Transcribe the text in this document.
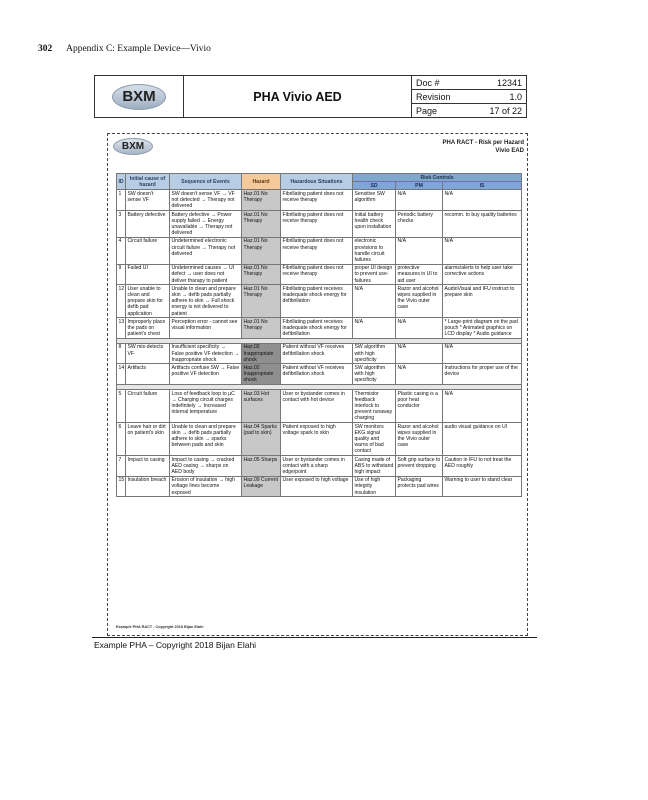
302 Appendix C: Example Device—Vivio
BXM	PHA Vivio AED
Doc #	12341
Revision	1.0
Page	17 of 22
BXM	PHA RACT - Risk per Hazard
Vivio EAD
ID	Initial cause of hazard	Sequence of Events	Hazard	Hazardous Situations	Risk Controls		
					SD	PM	IS
1	SW doesn't sense VF	SW doesn't sense VF → VF not detected → Therapy not delivered	Haz.01 No Therapy	Fibrillating patient does not receive therapy	Sensitive SW algorithm	N/A	N/A
3	Battery defective	Battery defective → Power supply failed → Energy unavailable → Therapy not delivered	Haz.01 No Therapy	Fibrillating patient does not receive therapy	Initial battery health check upon installation	Periodic battery checks	recomm. to buy quality batteries
4	Circuit failure	Undetermined electronic circuit failure → Therapy not delivered	Haz.01 No Therapy	Fibrillating patient does not receive therapy	electronic provisions to handle circuit failures	N/A	N/A
9	Failed UI	Undetermined causes → UI defect → user does not deliver tharapy to patient	Haz.01 No Therapy	Fibrillating patient does not receive therapy	proper UI design to prevent use-failures	protective measures in UI to aid user	alarms/alerts to help user take corrective actions
12	User unable to clean and prepare skin for defib pad application	Unable to clean and prepare skin → defib pads partially adhere to skin → Full shock energy is not delivered to patient	Haz.01 No Therapy	Fibrillating patient receives inadequate shock energy for defibrillation	N/A	Razor and alcohol wipes supplied in the Vivio outer case	AudioVisual and IFU instruct to prepare skin
13	Improperly place the pads on patient's chest	Perception error - cannot see visual information	Haz.01 No Therapy	Fibrillating patient receives inadequate shock energy for defibrillation	N/A	N/A	* Large-print diagram on the pad pouch * Animated graphics on LCD display * Audio guidance

8	SW mis-detects VF	Insufficient specificity → False positive VF detection → Inappropriate shock	Haz.02 Inappropriate shock	Patient without VF receives defibrillation shock	SW algorithm with high specificity	N/A	N/A
14	Artifacts	Artifacts confuse SW → False positive VF detection	Haz.02 Inappropriate shock	Patient without VF receives defibrillation shock	SW algorithm with high specificity	N/A	Instructions for proper use of the device

5	Circuit failure	Loss of feedback loop to µC → Charging circuit charges indefinitely → Increased internal temperature	Haz.03 Hot surfaces	User or bystander comes in contact with hot device	Thermistor feedback interlock to prevent runaway charging	Plastic casing is a poor heat conductor	N/A
6	Leave hair or dirt on patient's skin	Unable to clean and prepare skin → defib pads partially adhere to skin → sparks between pads and skin	Haz.04 Sparks (pad to skin)	Patient exposed to high voltage spark to skin	SW monitors EKG signal quality and warns of bad contact	Razor and alcohol wipes supplied in the Vivio outer case	audio visual guidance on UI
7	Impact to casing	Impact to casing → cracked AED casing → sharps on AED body	Haz.05 Sharps	User or bystander comes in contact with a sharp edge/point	Casing made of ABS to withstand high impact	Soft grip surface to prevent dropping	Caution in IFU to not treat the AED roughly
15	Insulation breach	Erosion of insulation → high voltage lines become exposed	Haz.09 Current Leakage	User exposed to high voltage	Use of high integrity insulation	Packaging protects pad wires	Warning to user to stand clear
Example PHA RACT - Copyright 2018 Bijan Elahi
Example PHA – Copyright 2018 Bijan Elahi
